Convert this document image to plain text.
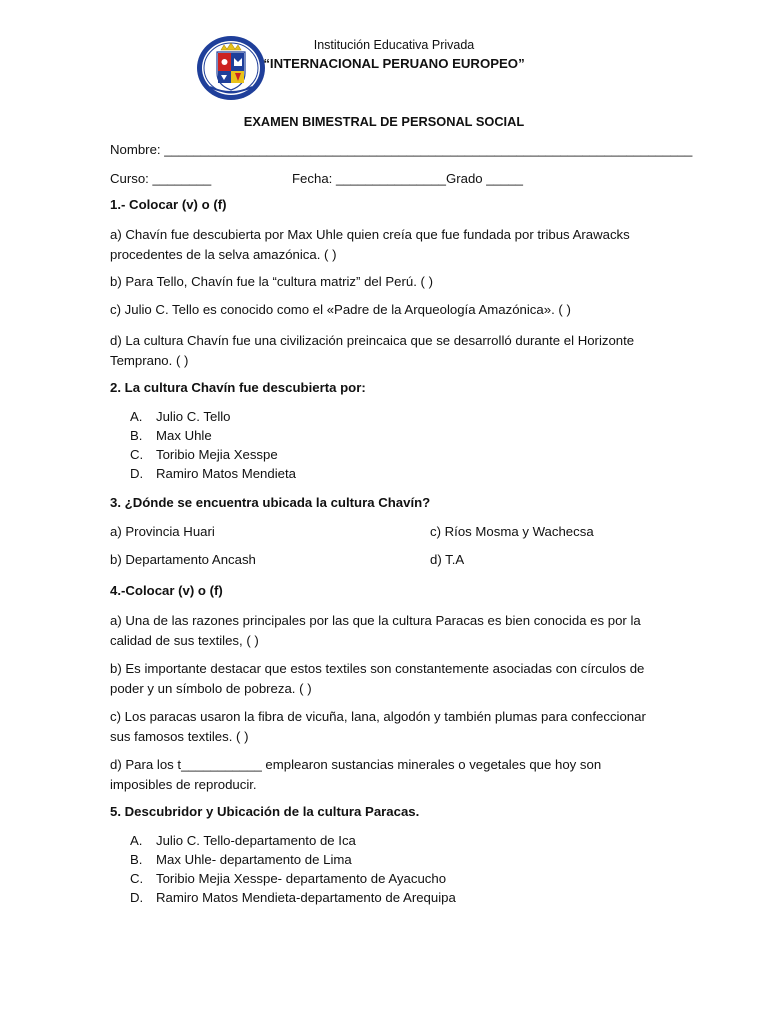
Institución Educativa Privada
“INTERNACIONAL PERUANO EUROPEO”
EXAMEN BIMESTRAL DE PERSONAL SOCIAL
Nombre: ________________________________________________________________________
Curso: ________	Fecha: _______________Grado _____
1.- Colocar (v) o (f)
a) Chavín fue descubierta por Max Uhle quien creía que fue fundada por tribus Arawacks procedentes de la selva amazónica. ( )
b) Para Tello, Chavín fue la “cultura matriz” del Perú. ( )
c) Julio C. Tello es conocido como el «Padre de la Arqueología Amazónica». ( )
d) La cultura Chavín fue una civilización preincaica que se desarrolló durante el Horizonte Temprano. ( )
2. La cultura Chavín fue descubierta por:
A. Julio C. Tello
B. Max Uhle
C. Toribio Mejia Xesspe
D. Ramiro Matos Mendieta
3. ¿Dónde se encuentra ubicada la cultura Chavín?
a) Provincia Huari	c) Ríos Mosma y Wachecsa
b) Departamento Ancash	d) T.A
4.-Colocar (v) o (f)
a) Una de las razones principales por las que la cultura Paracas es bien conocida es por la calidad de sus textiles, ( )
b) Es importante destacar que estos textiles son constantemente asociadas con círculos de poder y un símbolo de pobreza. ( )
c) Los paracas usaron la fibra de vicuña, lana, algodón y también plumas para confeccionar sus famosos textiles. ( )
d) Para los t___________ emplearon sustancias minerales o vegetales que hoy son imposibles de reproducir.
5. Descubridor y Ubicación de la cultura Paracas.
A. Julio C. Tello-departamento de Ica
B. Max Uhle- departamento de Lima
C. Toribio Mejia Xesspe- departamento de Ayacucho
D. Ramiro Matos Mendieta-departamento de Arequipa
